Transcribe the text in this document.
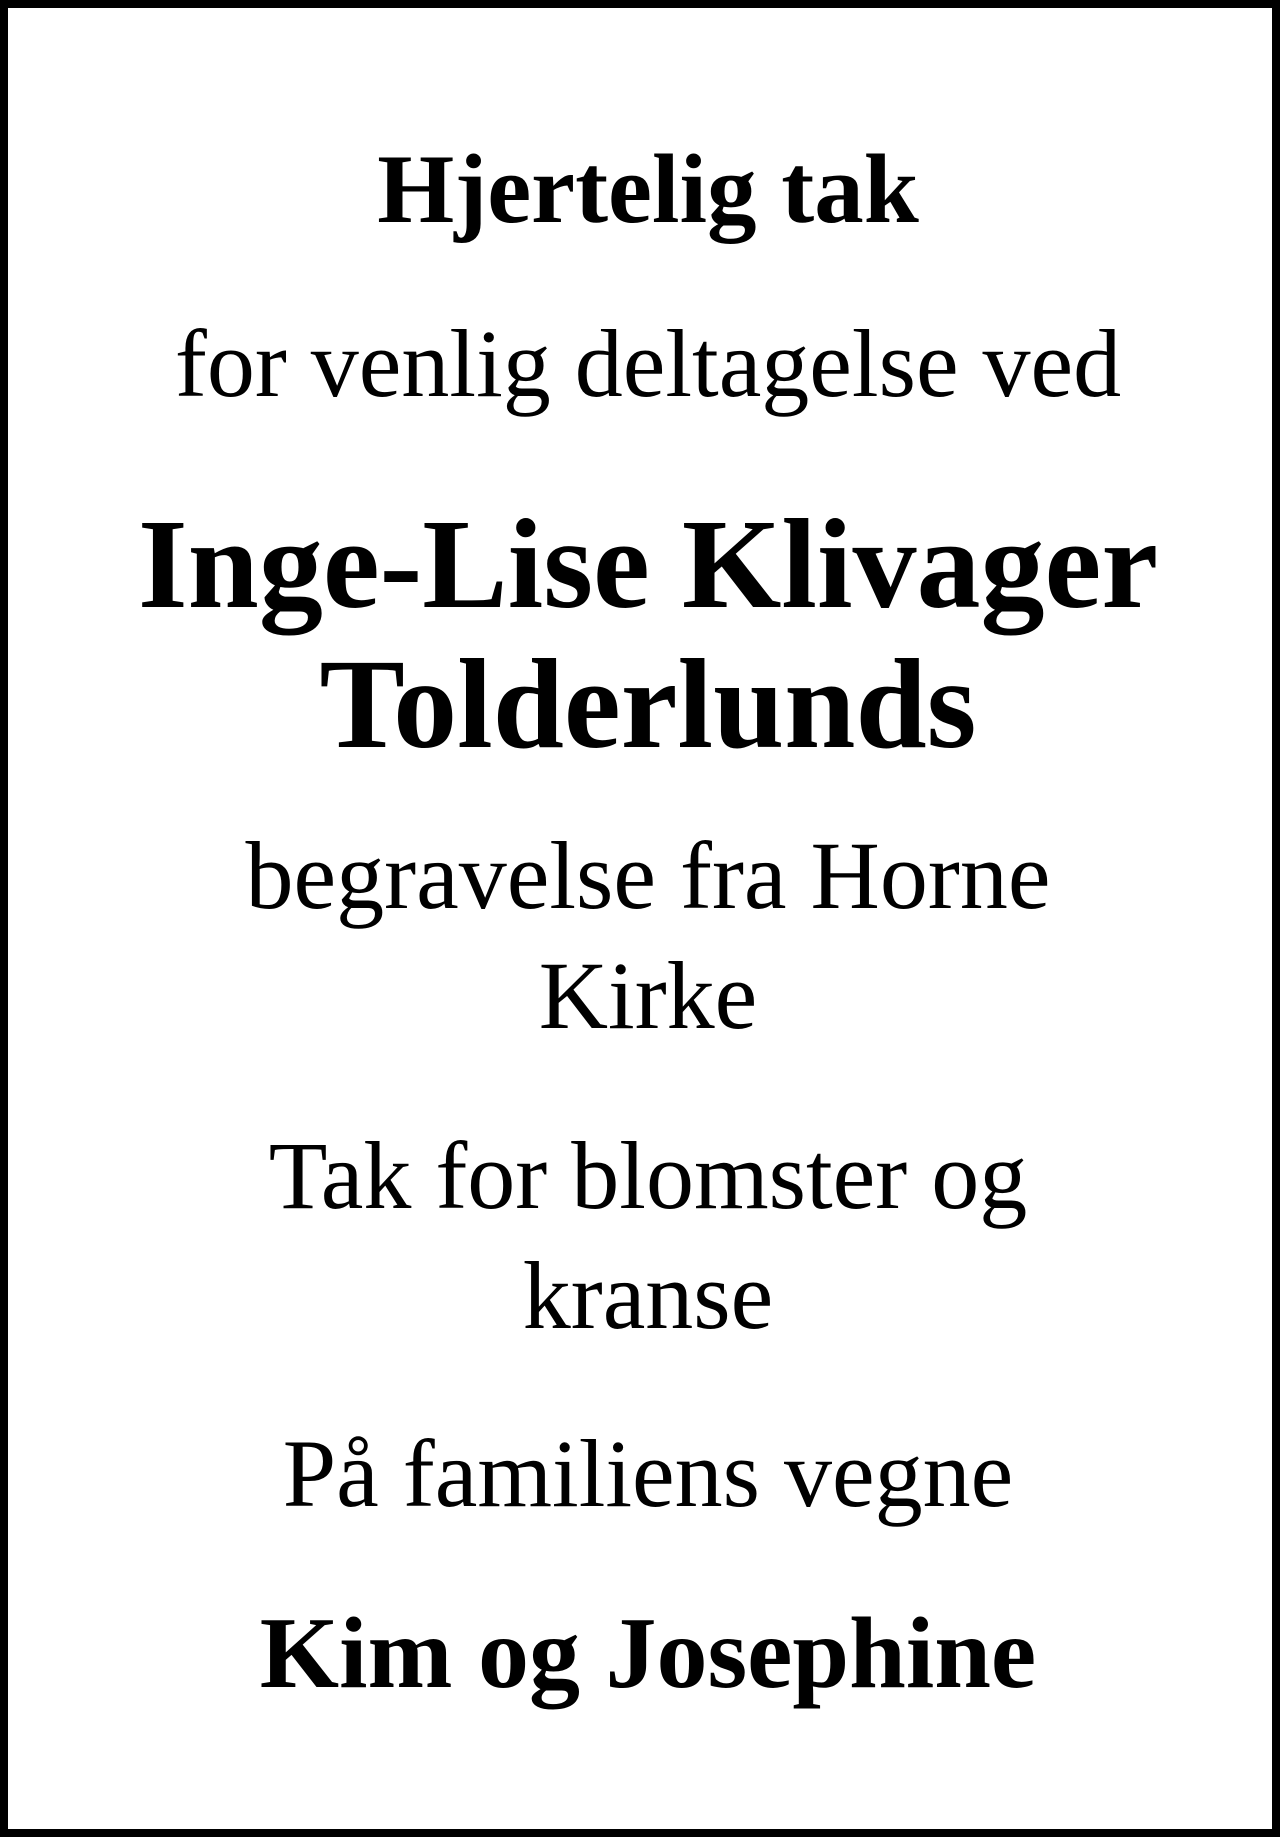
Hjertelig tak

for venlig deltagelse ved

Inge-Lise Klivager
Tolderlunds

begravelse fra Horne

Kirke

Tak for blomster og

kranse

På familiens vegne

Kim og Josephine
